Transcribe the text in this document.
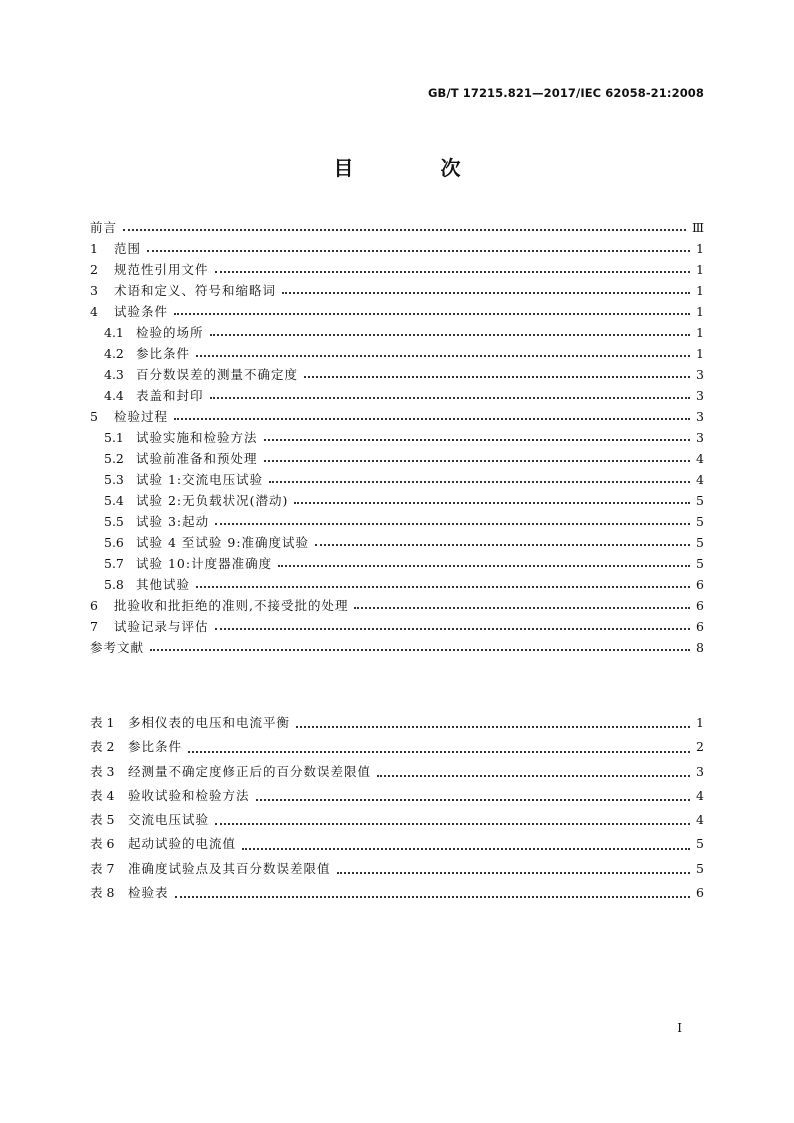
GB/T 17215.821—2017/IEC 62058-21:2008
目 次
前言	Ⅲ
1	范围	1
2	规范性引用文件	1
3	术语和定义、符号和缩略词	1
4	试验条件	1
4.1 检验的场所	1
4.2 参比条件	1
4.3 百分数误差的测量不确定度	3
4.4 表盖和封印	3
5	检验过程	3
5.1 试验实施和检验方法	3
5.2 试验前准备和预处理	4
5.3 试验 1:交流电压试验	4
5.4 试验 2:无负载状况(潜动)	5
5.5 试验 3:起动	5
5.6 试验 4 至试验 9:准确度试验	5
5.7 试验 10:计度器准确度	5
5.8 其他试验	6
6	批验收和批拒绝的准则,不接受批的处理	6
7	试验记录与评估	6
参考文献	8
表 1 多相仪表的电压和电流平衡	1
表 2 参比条件	2
表 3 经测量不确定度修正后的百分数误差限值	3
表 4 验收试验和检验方法	4
表 5 交流电压试验	4
表 6 起动试验的电流值	5
表 7 准确度试验点及其百分数误差限值	5
表 8 检验表	6
I
